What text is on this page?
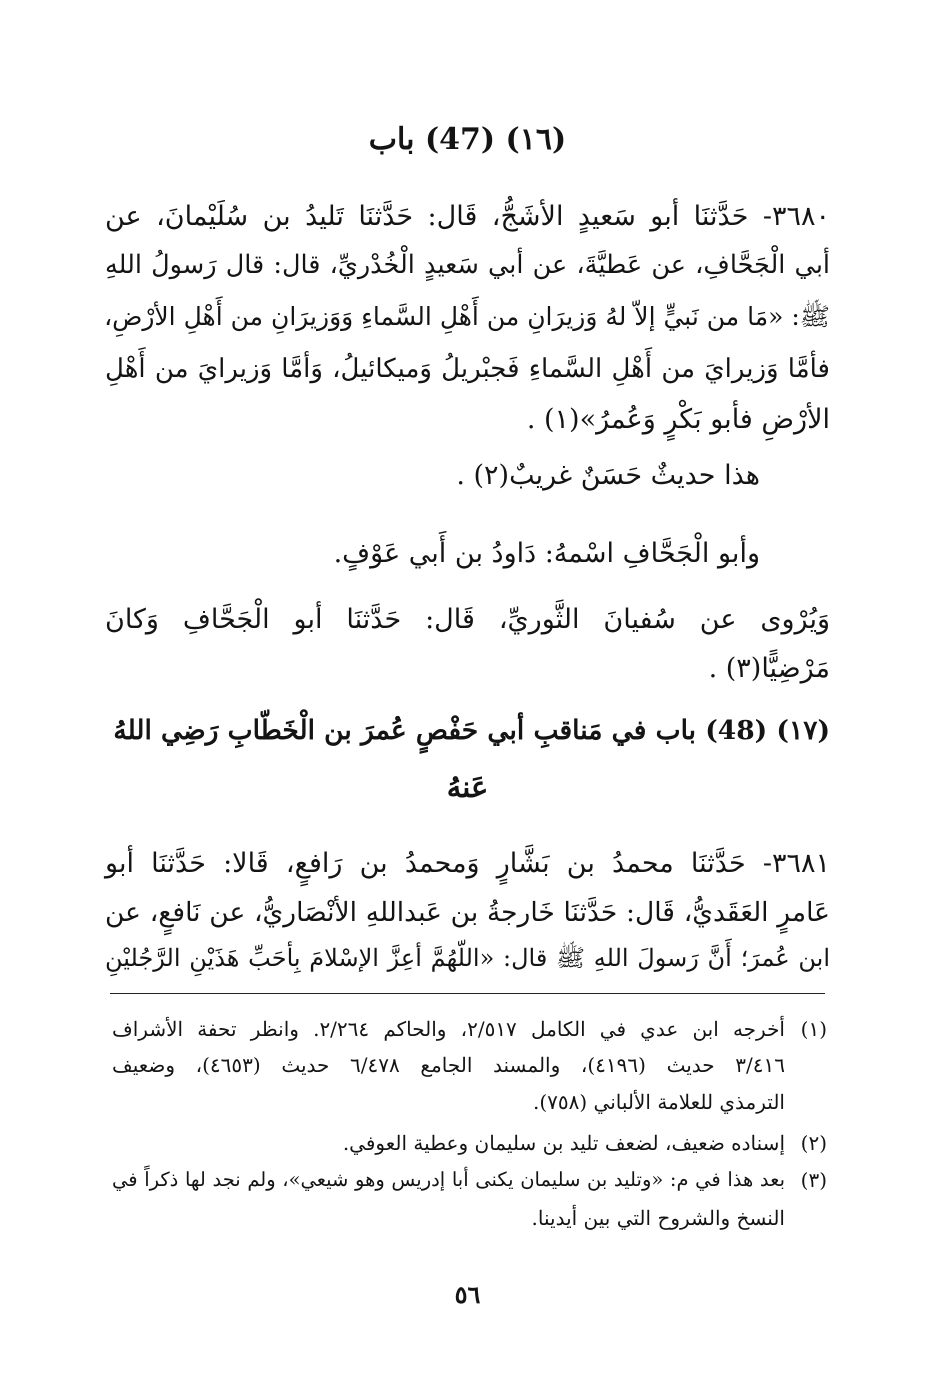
(١٦) (47) باب
٣٦٨٠- حَدَّثنَا أبو سَعيدٍ الأشَجُّ، قَال: حَدَّثنَا تَليدُ بن سُلَيْمانَ، عن
أبي الْجَحَّافِ، عن عَطيَّةَ، عن أبي سَعيدٍ الْخُدْريِّ، قال: قال رَسولُ اللهِ
ﷺ: «مَا من نَبيٍّ إلاّ لهُ وَزيرَانِ من أَهْلِ السَّماءِ وَوَزيرَانِ من أَهْلِ الأرْضِ،
فأمَّا وَزيرايَ من أَهْلِ السَّماءِ فَجبْريلُ وَميكائيلُ، وَأمَّا وَزيرايَ من أَهْلِ
الأرْضِ فأبو بَكْرٍ وَعُمرُ»(١) .
هذا حديثٌ حَسَنٌ غريبٌ(٢) .
وأبو الْجَحَّافِ اسْمهُ: دَاودُ بن أَبي عَوْفٍ.
وَيُرْوى عن سُفيانَ الثَّوريِّ، قَال: حَدَّثنَا أبو الْجَحَّافِ وَكانَ
مَرْضِيًّا(٣) .
(١٧) (48) باب في مَناقبِ أبي حَفْصٍ عُمرَ بن الْخَطّابِ رَضِي اللهُ
عَنهُ
٣٦٨١- حَدَّثنَا محمدُ بن بَشَّارٍ وَمحمدُ بن رَافعٍ، قَالا: حَدَّثنَا أبو
عَامرٍ العَقَديُّ، قَال: حَدَّثنَا خَارجةُ بن عَبداللهِ الأنْصَاريُّ، عن نَافعٍ، عن
ابن عُمرَ؛ أَنَّ رَسولَ اللهِ ﷺ قال: «اللّهُمَّ أعِزَّ الإسْلامَ بِأحَبِّ هَذَيْنِ الرَّجُليْنِ
(١)
أخرجه ابن عدي في الكامل ٢/٥١٧، والحاكم ٢/٢٦٤. وانظر تحفة الأشراف
٣/٤١٦ حديث (٤١٩٦)، والمسند الجامع ٦/٤٧٨ حديث (٤٦٥٣)، وضعيف
الترمذي للعلامة الألباني (٧٥٨).
(٢)
إسناده ضعيف، لضعف تليد بن سليمان وعطية العوفي.
(٣)
بعد هذا في م: «وتليد بن سليمان يكنى أبا إدريس وهو شيعي»، ولم نجد لها ذكراً في
النسخ والشروح التي بين أيدينا.
٥٦
